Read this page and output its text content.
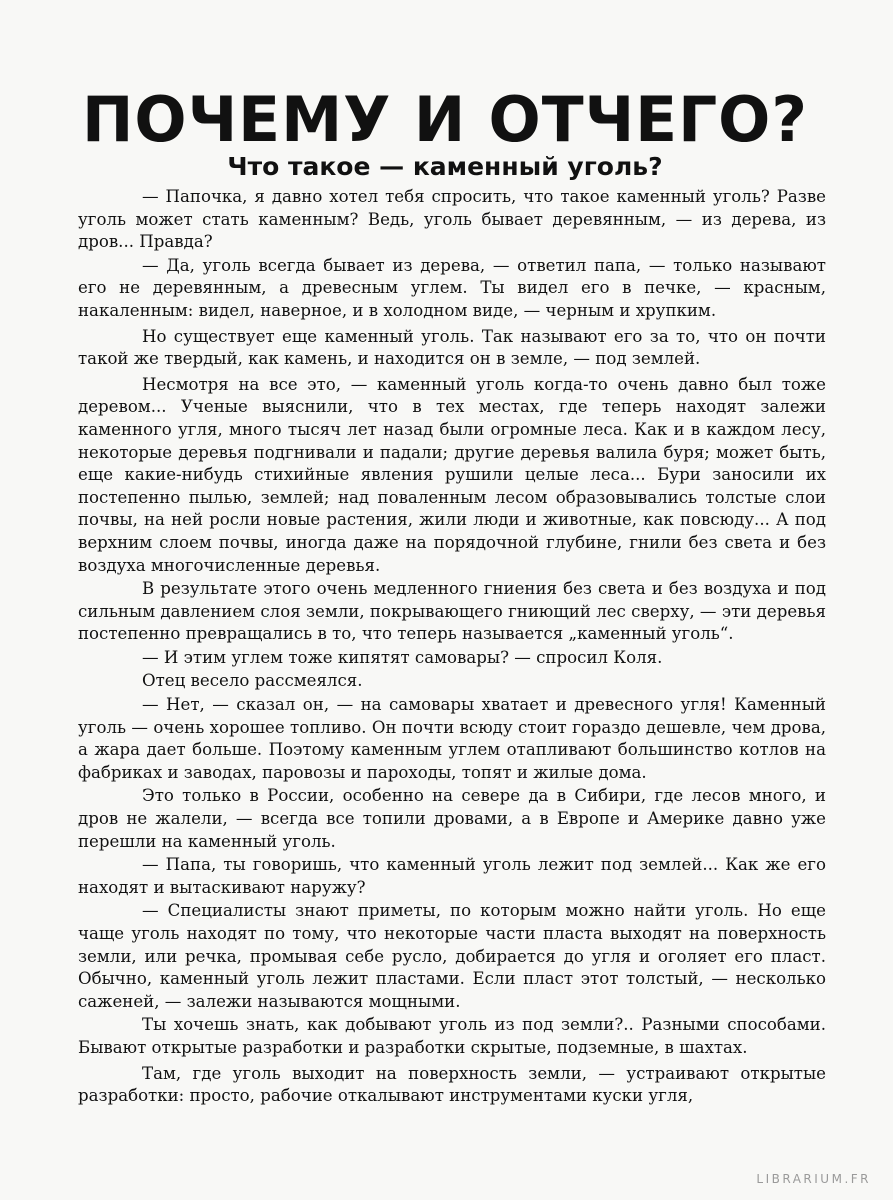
ПОЧЕМУ И ОТЧЕГО?
Что такое — каменный уголь?

— Папочка, я давно хотел тебя спросить, что такое каменный уголь? Разве уголь может стать каменным? Ведь, уголь бывает деревянным, — из дерева, из дров... Правда?

— Да, уголь всегда бывает из дерева, — ответил папа, — только называют его не деревянным, а древесным углем. Ты видел его в печке, — красным, накаленным: видел, наверное, и в холодном виде, — черным и хрупким.

Но существует еще каменный уголь. Так называют его за то, что он почти такой же твердый, как камень, и находится он в земле, — под землей.

Несмотря на все это, — каменный уголь когда-то очень давно был тоже деревом... Ученые выяснили, что в тех местах, где теперь находят залежи каменного угля, много тысяч лет назад были огромные леса. Как и в каждом лесу, некоторые деревья подгнивали и падали; другие деревья валила буря; может быть, еще какие-нибудь стихийные явления рушили целые леса... Бури заносили их постепенно пылью, землей; над поваленным лесом образовывались толстые слои почвы, на ней росли новые растения, жили люди и животные, как повсюду... А под верхним слоем почвы, иногда даже на порядочной глубине, гнили без света и без воздуха многочисленные деревья.

В результате этого очень медленного гниения без света и без воздуха и под сильным давлением слоя земли, покрывающего гниющий лес сверху, — эти деревья постепенно превращались в то, что теперь называется „каменный уголь“.

— И этим углем тоже кипятят самовары? — спросил Коля.

Отец весело рассмеялся.

— Нет, — сказал он, — на самовары хватает и древесного угля! Каменный уголь — очень хорошее топливо. Он почти всюду стоит гораздо дешевле, чем дрова, а жара дает больше. Поэтому каменным углем отапливают большинство котлов на фабриках и заводах, паровозы и пароходы, топят и жилые дома.

Это только в России, особенно на севере да в Сибири, где лесов много, и дров не жалели, — всегда все топили дровами, а в Европе и Америке давно уже перешли на каменный уголь.

— Папа, ты говоришь, что каменный уголь лежит под землей... Как же его находят и вытаскивают наружу?

— Специалисты знают приметы, по которым можно найти уголь. Но еще чаще уголь находят по тому, что некоторые части пласта выходят на поверхность земли, или речка, промывая себе русло, добирается до угля и оголяет его пласт. Обычно, каменный уголь лежит пластами. Если пласт этот толстый, — несколько саженей, — залежи называются мощными.

Ты хочешь знать, как добывают уголь из под земли?.. Разными способами. Бывают открытые разработки и разработки скрытые, подземные, в шахтах.

Там, где уголь выходит на поверхность земли, — устраивают открытые разработки: просто, рабочие откалывают инструментами куски угля,

LIBRARIUM.FR
